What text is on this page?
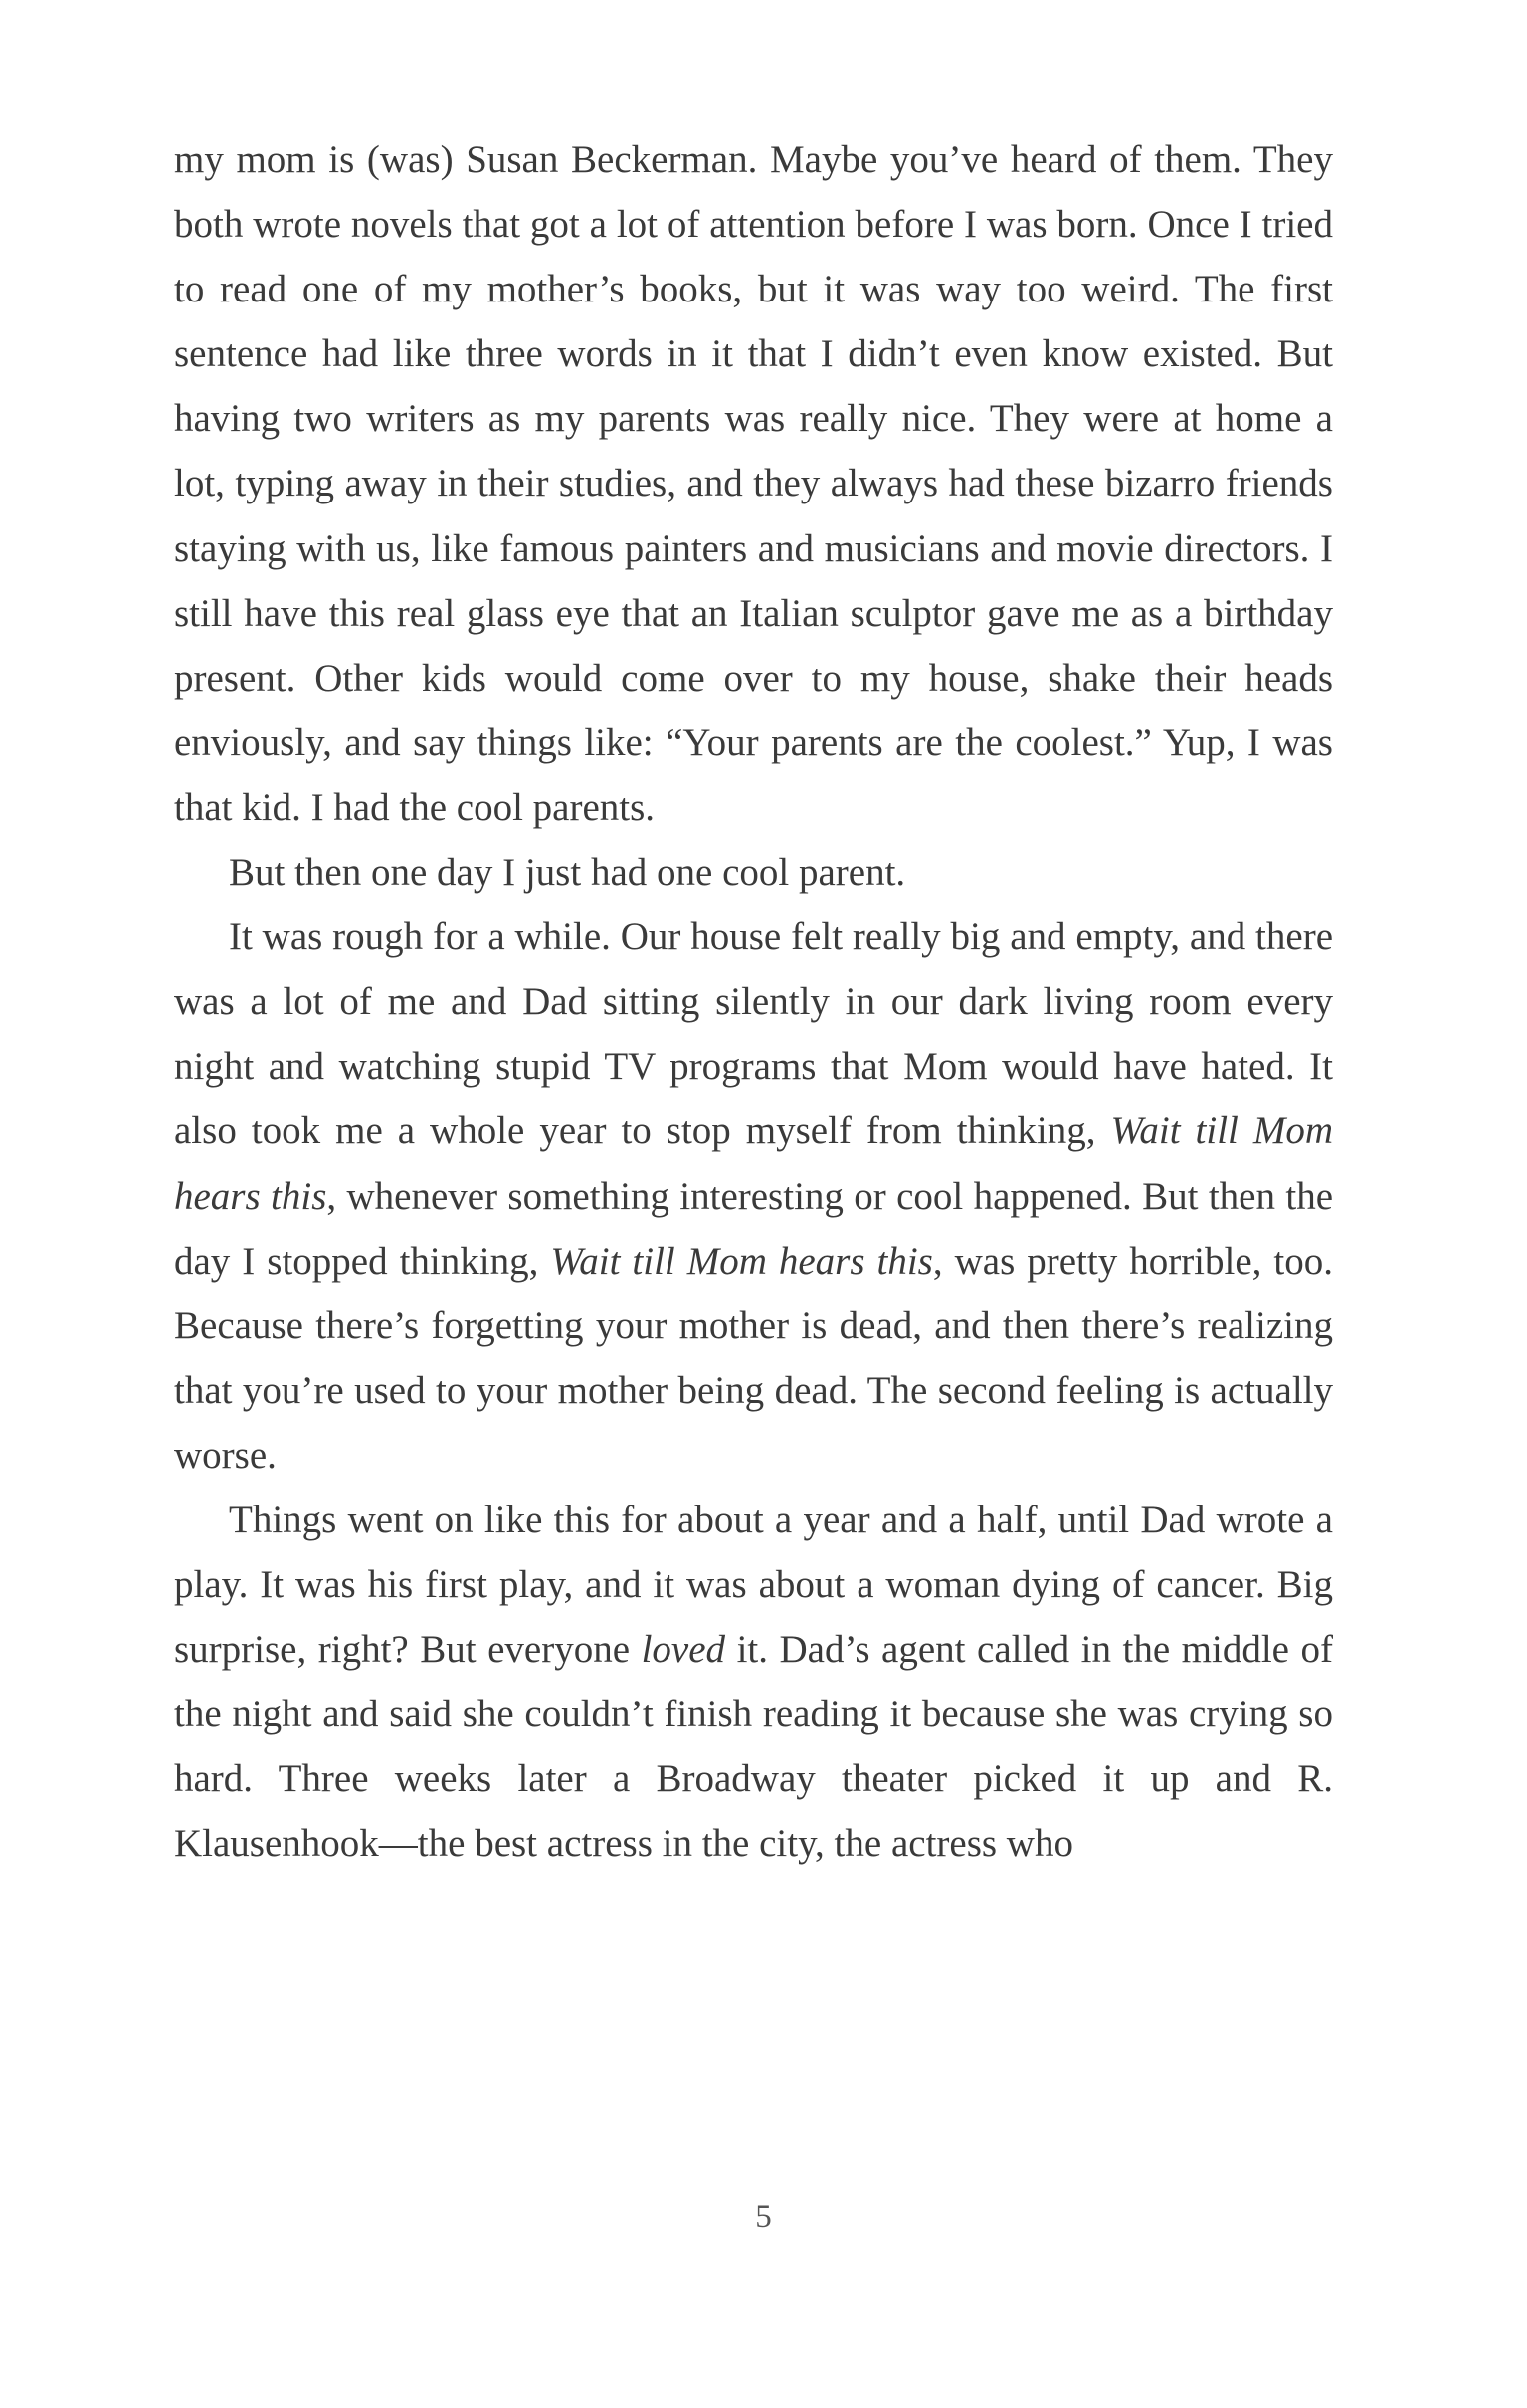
my mom is (was) Susan Beckerman. Maybe you’ve heard of them. They both wrote novels that got a lot of attention before I was born. Once I tried to read one of my mother’s books, but it was way too weird. The first sentence had like three words in it that I didn’t even know existed. But having two writers as my parents was really nice. They were at home a lot, typing away in their studies, and they always had these bizarro friends staying with us, like famous painters and musicians and movie directors. I still have this real glass eye that an Italian sculptor gave me as a birthday present. Other kids would come over to my house, shake their heads enviously, and say things like: “Your parents are the coolest.” Yup, I was that kid. I had the cool parents.

But then one day I just had one cool parent.

It was rough for a while. Our house felt really big and empty, and there was a lot of me and Dad sitting silently in our dark living room every night and watching stupid TV programs that Mom would have hated. It also took me a whole year to stop myself from thinking, Wait till Mom hears this, whenever something interesting or cool happened. But then the day I stopped thinking, Wait till Mom hears this, was pretty horrible, too. Because there’s forgetting your mother is dead, and then there’s realizing that you’re used to your mother being dead. The second feeling is actually worse.

Things went on like this for about a year and a half, until Dad wrote a play. It was his first play, and it was about a woman dying of cancer. Big surprise, right? But everyone loved it. Dad’s agent called in the middle of the night and said she couldn’t finish reading it because she was crying so hard. Three weeks later a Broadway theater picked it up and R. Klausenhook—the best actress in the city, the actress who

5
